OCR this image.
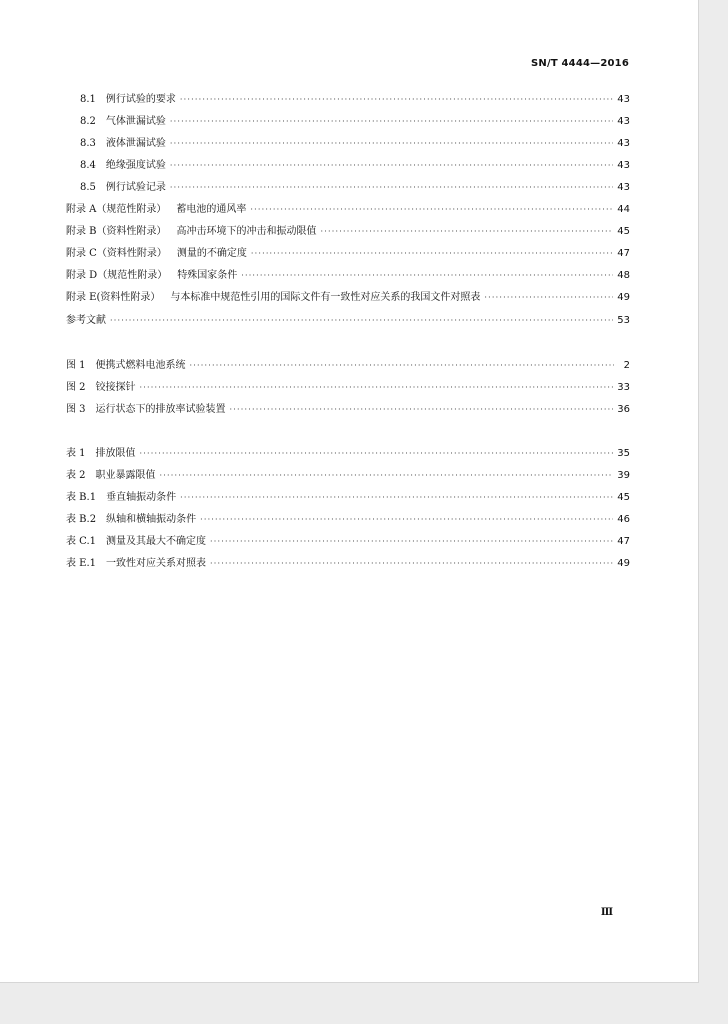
SN/T 4444—2016
8.1 例行试验的要求 ·····	43
8.2 气体泄漏试验 ·····	43
8.3 液体泄漏试验 ·····	43
8.4 绝缘强度试验 ·····	43
8.5 例行试验记录 ·····	43
附录 A（规范性附录） 蓄电池的通风率 ·····	44
附录 B（资料性附录） 高冲击环境下的冲击和振动限值 ·····	45
附录 C（资料性附录） 测量的不确定度 ·····	47
附录 D（规范性附录） 特殊国家条件 ·····	48
附录 E(资料性附录） 与本标准中规范性引用的国际文件有一致性对应关系的我国文件对照表 ·····	49
参考文献 ·····	53
图 1 便携式燃料电池系统 ·····	2
图 2 铰接探针 ·····	33
图 3 运行状态下的排放率试验装置 ·····	36
表 1 排放限值 ·····	35
表 2 职业暴露限值 ·····	39
表 B.1 垂直轴振动条件 ·····	45
表 B.2 纵轴和横轴振动条件 ·····	46
表 C.1 测量及其最大不确定度 ·····	47
表 E.1 一致性对应关系对照表 ·····	49
Ⅲ
